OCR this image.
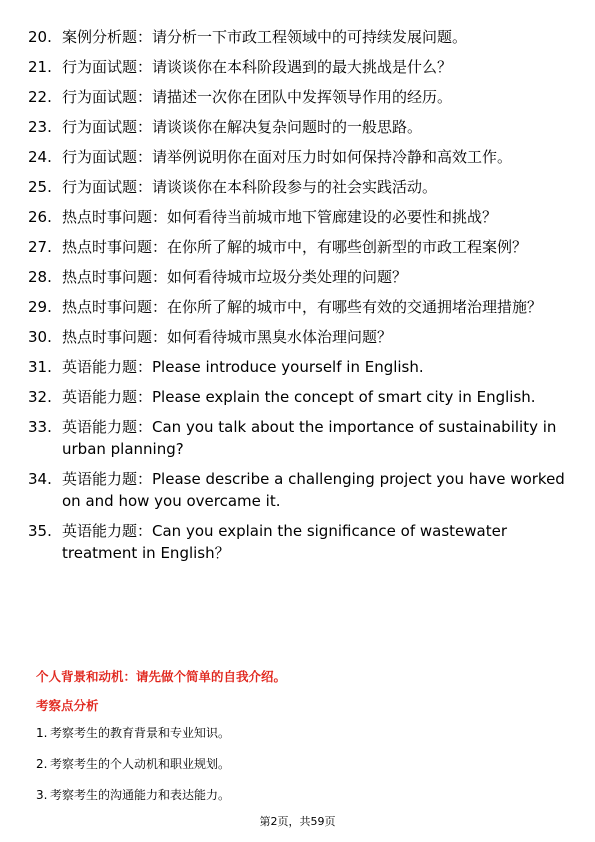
20. 案例分析题：请分析一下市政工程领域中的可持续发展问题。
21. 行为面试题：请谈谈你在本科阶段遇到的最大挑战是什么？
22. 行为面试题：请描述一次你在团队中发挥领导作用的经历。
23. 行为面试题：请谈谈你在解决复杂问题时的一般思路。
24. 行为面试题：请举例说明你在面对压力时如何保持冷静和高效工作。
25. 行为面试题：请谈谈你在本科阶段参与的社会实践活动。
26. 热点时事问题：如何看待当前城市地下管廊建设的必要性和挑战？
27. 热点时事问题：在你所了解的城市中，有哪些创新型的市政工程案例？
28. 热点时事问题：如何看待城市垃圾分类处理的问题？
29. 热点时事问题：在你所了解的城市中，有哪些有效的交通拥堵治理措施？
30. 热点时事问题：如何看待城市黑臭水体治理问题？
31. 英语能力题：Please introduce yourself in English.
32. 英语能力题：Please explain the concept of smart city in English.
33. 英语能力题：Can you talk about the importance of sustainability in urban planning?
34. 英语能力题：Please describe a challenging project you have worked on and how you overcame it.
35. 英语能力题：Can you explain the significance of wastewater treatment in English？
个人背景和动机：请先做个简单的自我介绍。
考察点分析
1. 考察考生的教育背景和专业知识。
2. 考察考生的个人动机和职业规划。
3. 考察考生的沟通能力和表达能力。
第2页，共59页
